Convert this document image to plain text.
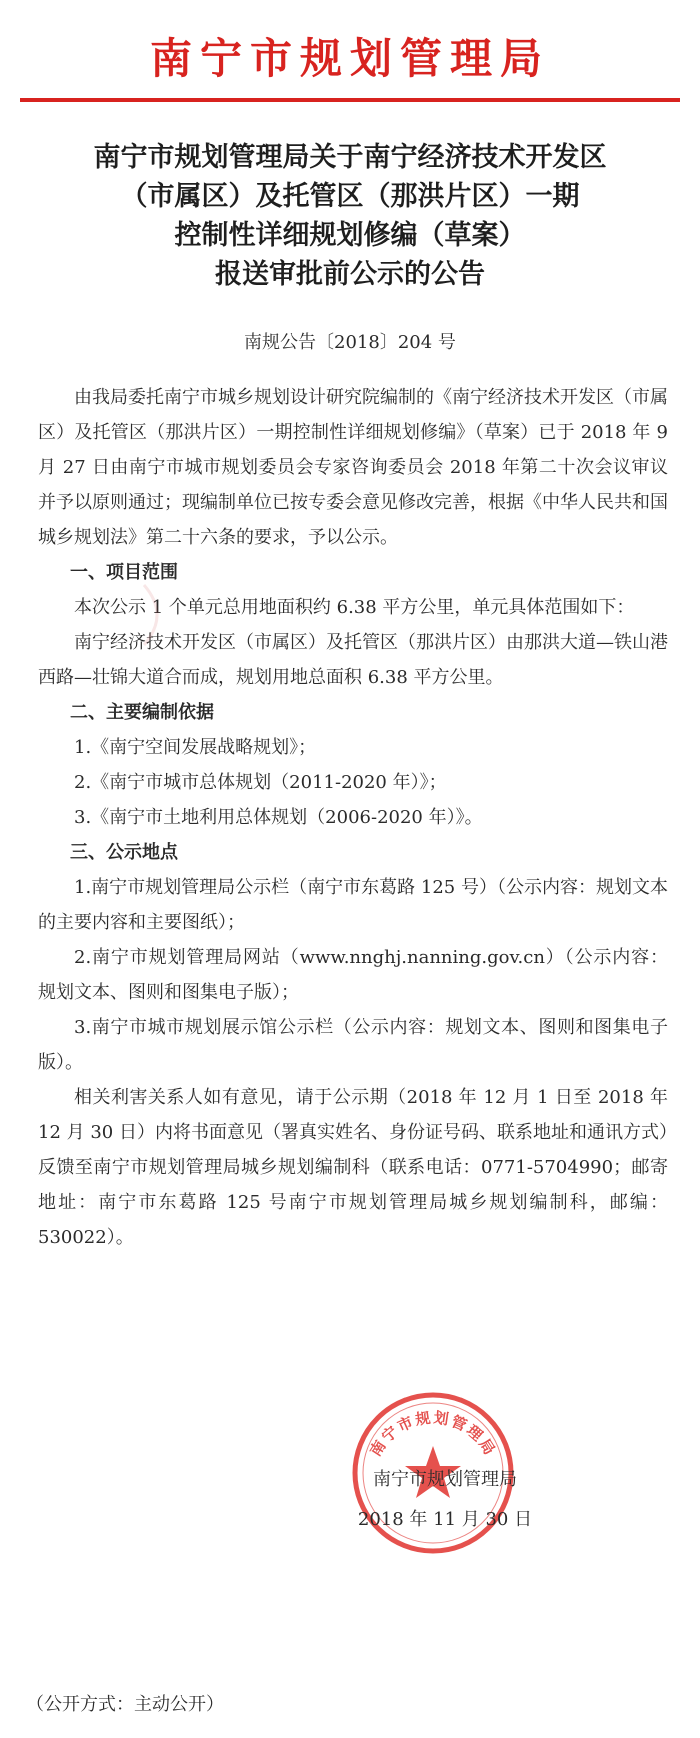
南宁市规划管理局
南宁市规划管理局关于南宁经济技术开发区
（市属区）及托管区（那洪片区）一期
控制性详细规划修编（草案）
报送审批前公示的公告
南规公告〔2018〕204 号

由我局委托南宁市城乡规划设计研究院编制的《南宁经济技术开发区（市属区）及托管区（那洪片区）一期控制性详细规划修编》（草案）已于 2018 年 9 月 27 日由南宁市城市规划委员会专家咨询委员会 2018 年第二十次会议审议并予以原则通过；现编制单位已按专委会意见修改完善，根据《中华人民共和国城乡规划法》第二十六条的要求，予以公示。

一、项目范围

本次公示 1 个单元总用地面积约 6.38 平方公里，单元具体范围如下：

南宁经济技术开发区（市属区）及托管区（那洪片区）由那洪大道—铁山港西路—壮锦大道合而成，规划用地总面积 6.38 平方公里。

二、主要编制依据

1.《南宁空间发展战略规划》；

2.《南宁市城市总体规划（2011-2020 年）》；

3.《南宁市土地利用总体规划（2006-2020 年）》。

三、公示地点

1.南宁市规划管理局公示栏（南宁市东葛路 125 号）（公示内容：规划文本的主要内容和主要图纸）；

2.南宁市规划管理局网站（www.nnghj.nanning.gov.cn）（公示内容：规划文本、图则和图集电子版）；

3.南宁市城市规划展示馆公示栏（公示内容：规划文本、图则和图集电子版）。

相关利害关系人如有意见，请于公示期（2018 年 12 月 1 日至 2018 年 12 月 30 日）内将书面意见（署真实姓名、身份证号码、联系地址和通讯方式）反馈至南宁市规划管理局城乡规划编制科（联系电话：0771-5704990；邮寄地址：南宁市东葛路 125 号南宁市规划管理局城乡规划编制科，邮编：530022）。

南宁市规划管理局
南宁市规划管理局
2018 年 11 月 30 日
（公开方式：主动公开）
